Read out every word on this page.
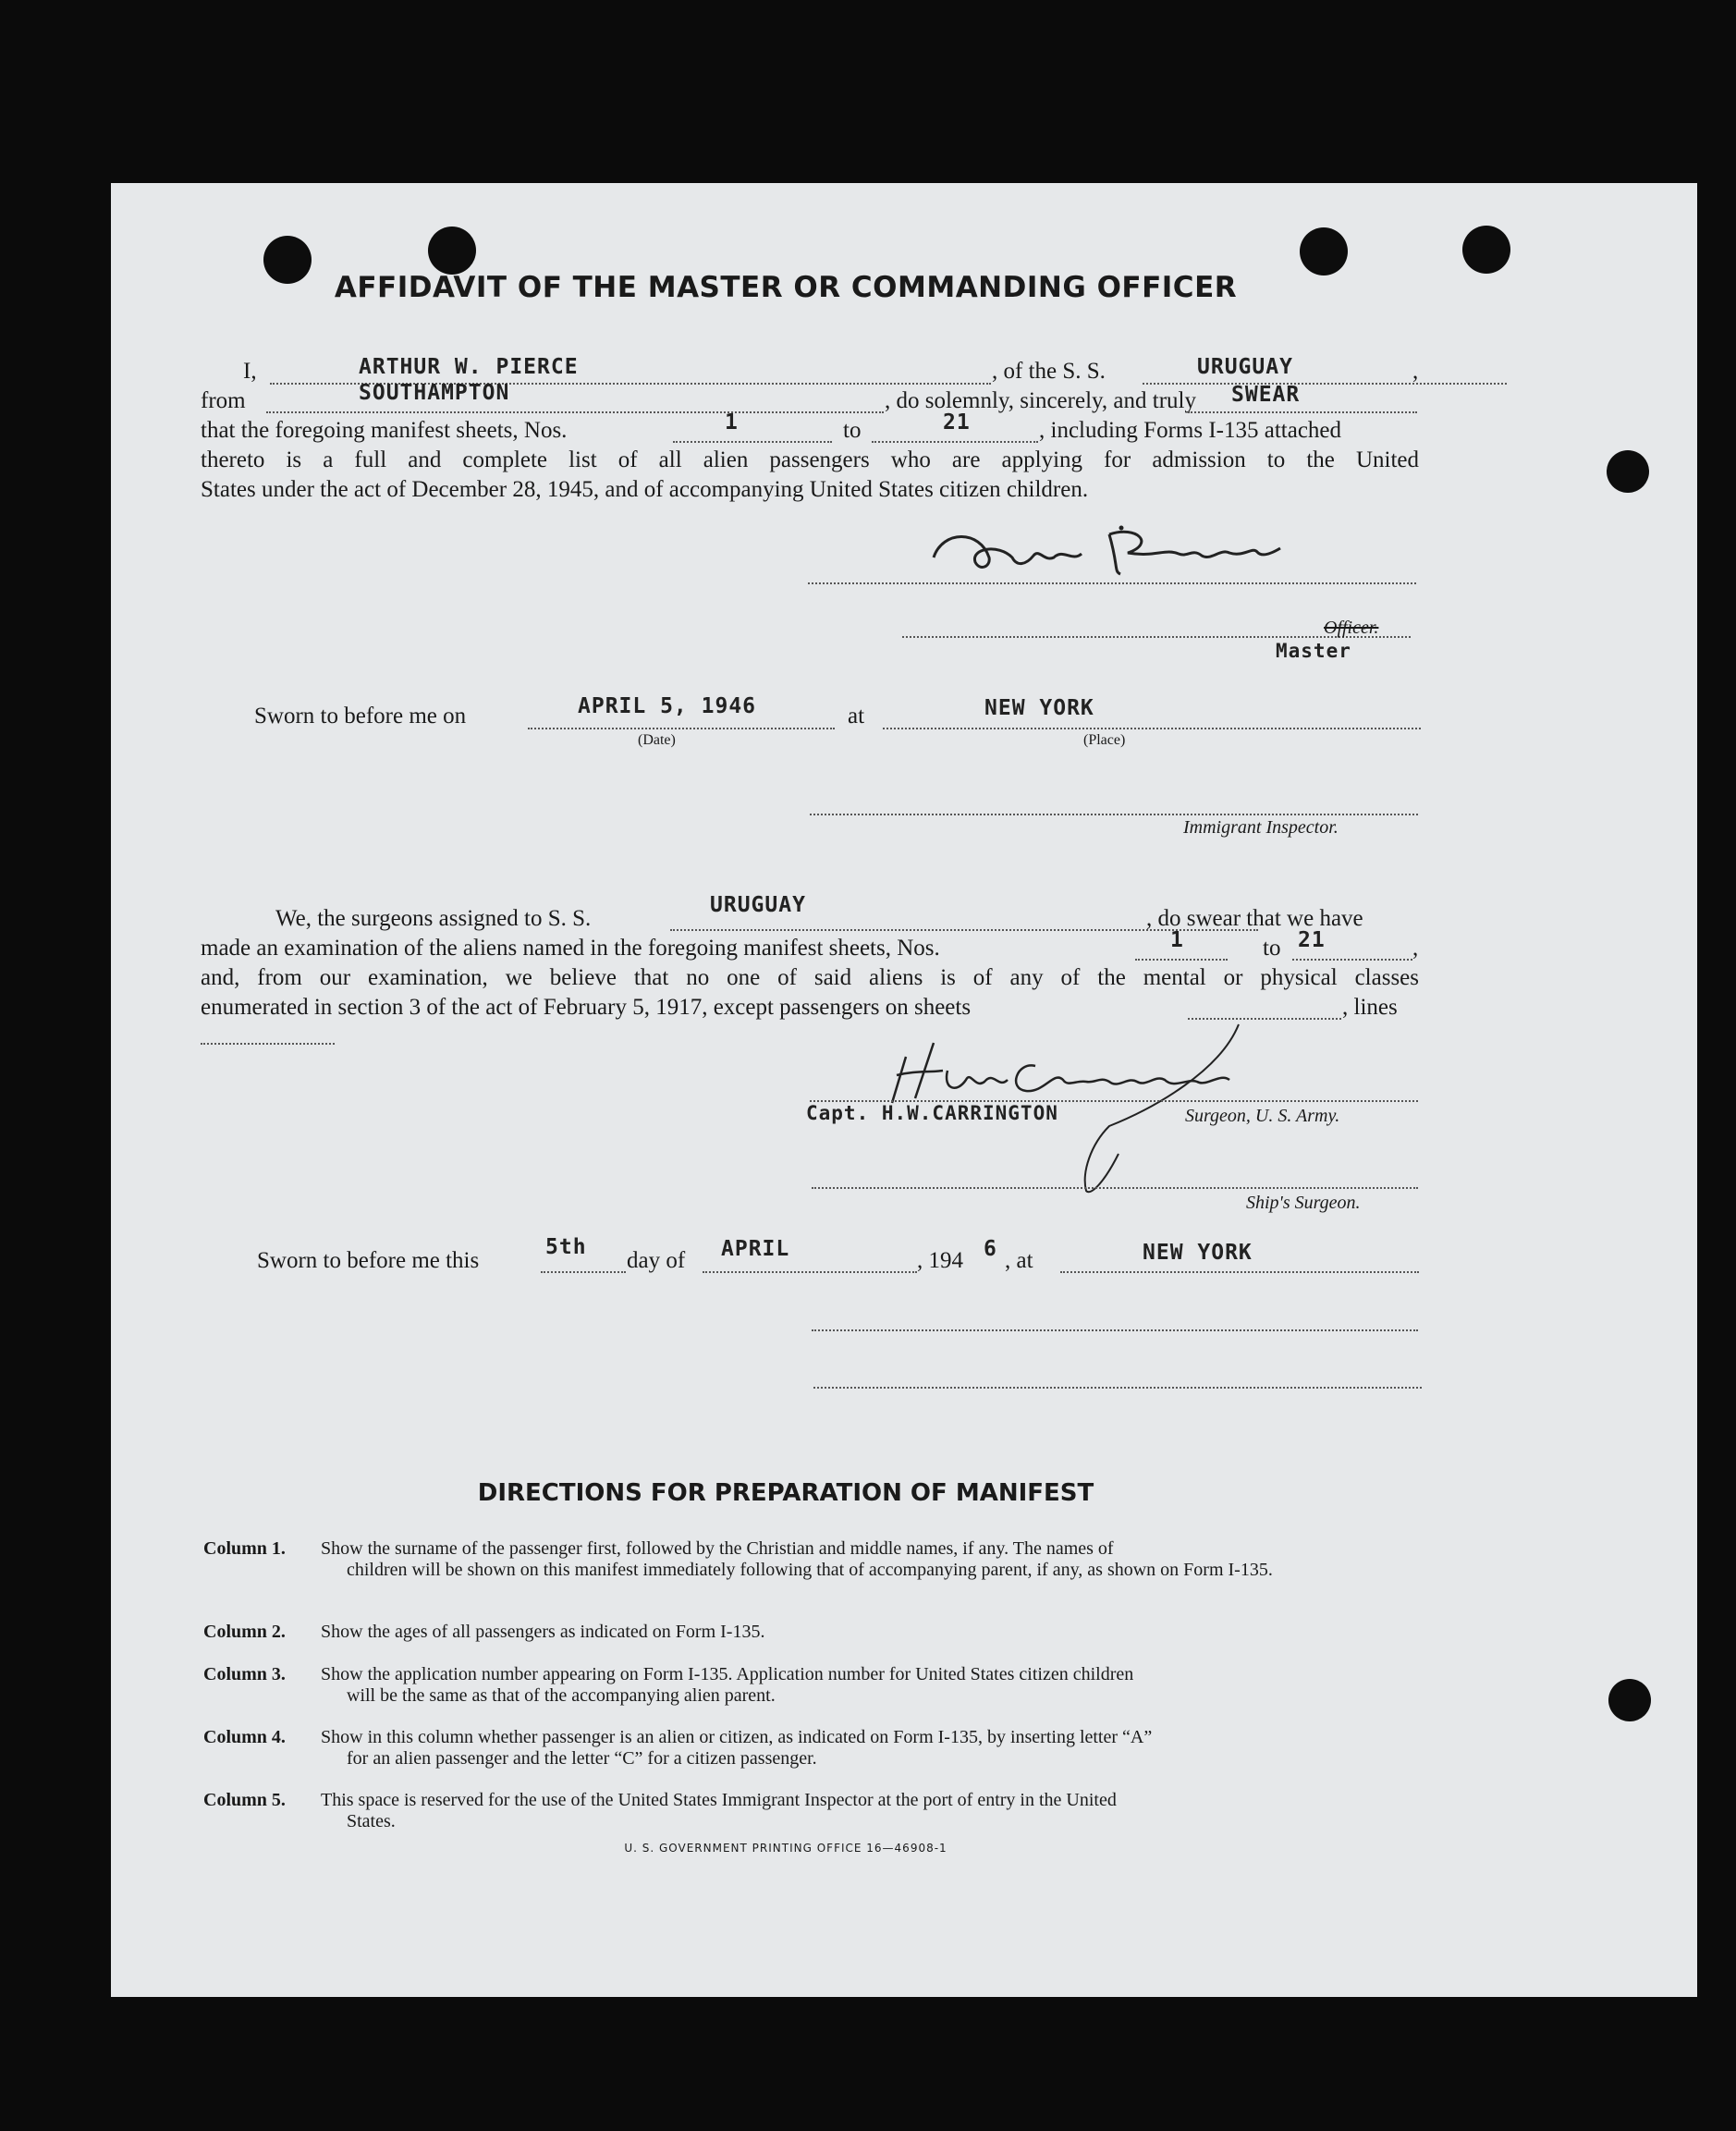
AFFIDAVIT OF THE MASTER OR COMMANDING OFFICER
I,	ARTHUR W. PIERCE	, of the S. S.	URUGUAY	,
from	SOUTHAMPTON	, do solemnly, sincerely, and truly SWEAR
that the foregoing manifest sheets, Nos.	1	to	21	, including Forms I-135 attached
thereto is a full and complete list of all alien passengers who are applying for admission to the United
States under the act of December 28, 1945, and of accompanying United States citizen children.
Officer.
Master
Sworn to before me on	APRIL 5, 1946
(Date)
at	NEW YORK
(Place)
Immigrant Inspector.
We, the surgeons assigned to S. S.
URUGUAY
, do swear that we have
made an examination of the aliens named in the foregoing manifest sheets, Nos.	1	to 21	,
and, from our examination, we believe that no one of said aliens is of any of the mental or physical classes
enumerated in section 3 of the act of February 5, 1917, except passengers on sheets	, lines
Capt. H.W.CARRINGTON	Surgeon, U. S. Army.
Ship's Surgeon.
Sworn to before me this
5th
day of APRIL	, 194 6 , at	NEW YORK
DIRECTIONS FOR PREPARATION OF MANIFEST
Column 1. Show the surname of the passenger first, followed by the Christian and middle names, if any. The names of
children will be shown on this manifest immediately following that of accompanying parent, if any, as shown on Form I-135.
Column 2. Show the ages of all passengers as indicated on Form I-135.
Column 3. Show the application number appearing on Form I-135. Application number for United States citizen children
will be the same as that of the accompanying alien parent.
Column 4. Show in this column whether passenger is an alien or citizen, as indicated on Form I-135, by inserting letter “A”
for an alien passenger and the letter “C” for a citizen passenger.
Column 5. This space is reserved for the use of the United States Immigrant Inspector at the port of entry in the United
States.
U. S. GOVERNMENT PRINTING OFFICE 16—46908-1
